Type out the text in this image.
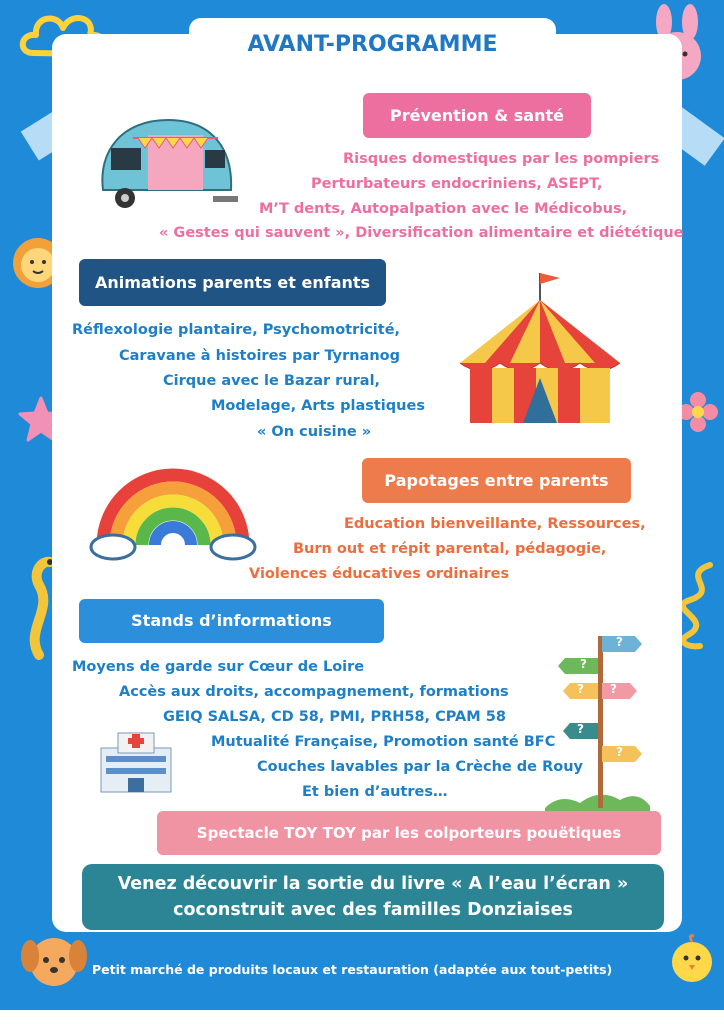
AVANT-PROGRAMME
Prévention & santé
Risques domestiques par les pompiers
Perturbateurs endocriniens, ASEPT,
M’T dents, Autopalpation avec le Médicobus,
« Gestes qui sauvent », Diversification alimentaire et diététique
Animations parents et enfants
Réflexologie plantaire, Psychomotricité,
Caravane à histoires par Tyrnanog
Cirque avec le Bazar rural,
Modelage, Arts plastiques
« On cuisine »
Papotages entre parents
Education bienveillante, Ressources,
Burn out et répit parental, pédagogie,
Violences éducatives ordinaires
Stands d’informations
Moyens de garde sur Cœur de Loire
Accès aux droits, accompagnement, formations
GEIQ SALSA, CD 58, PMI, PRH58, CPAM 58
Mutualité Française, Promotion santé BFC
Couches lavables par la Crèche de Rouy
Et bien d’autres…
?
?
?
?
?
?
Spectacle TOY TOY par les colporteurs pouëtiques
Venez découvrir la sortie du livre « A l’eau l’écran »
coconstruit avec des familles Donziaises
Petit marché de produits locaux et restauration (adaptée aux tout-petits)
